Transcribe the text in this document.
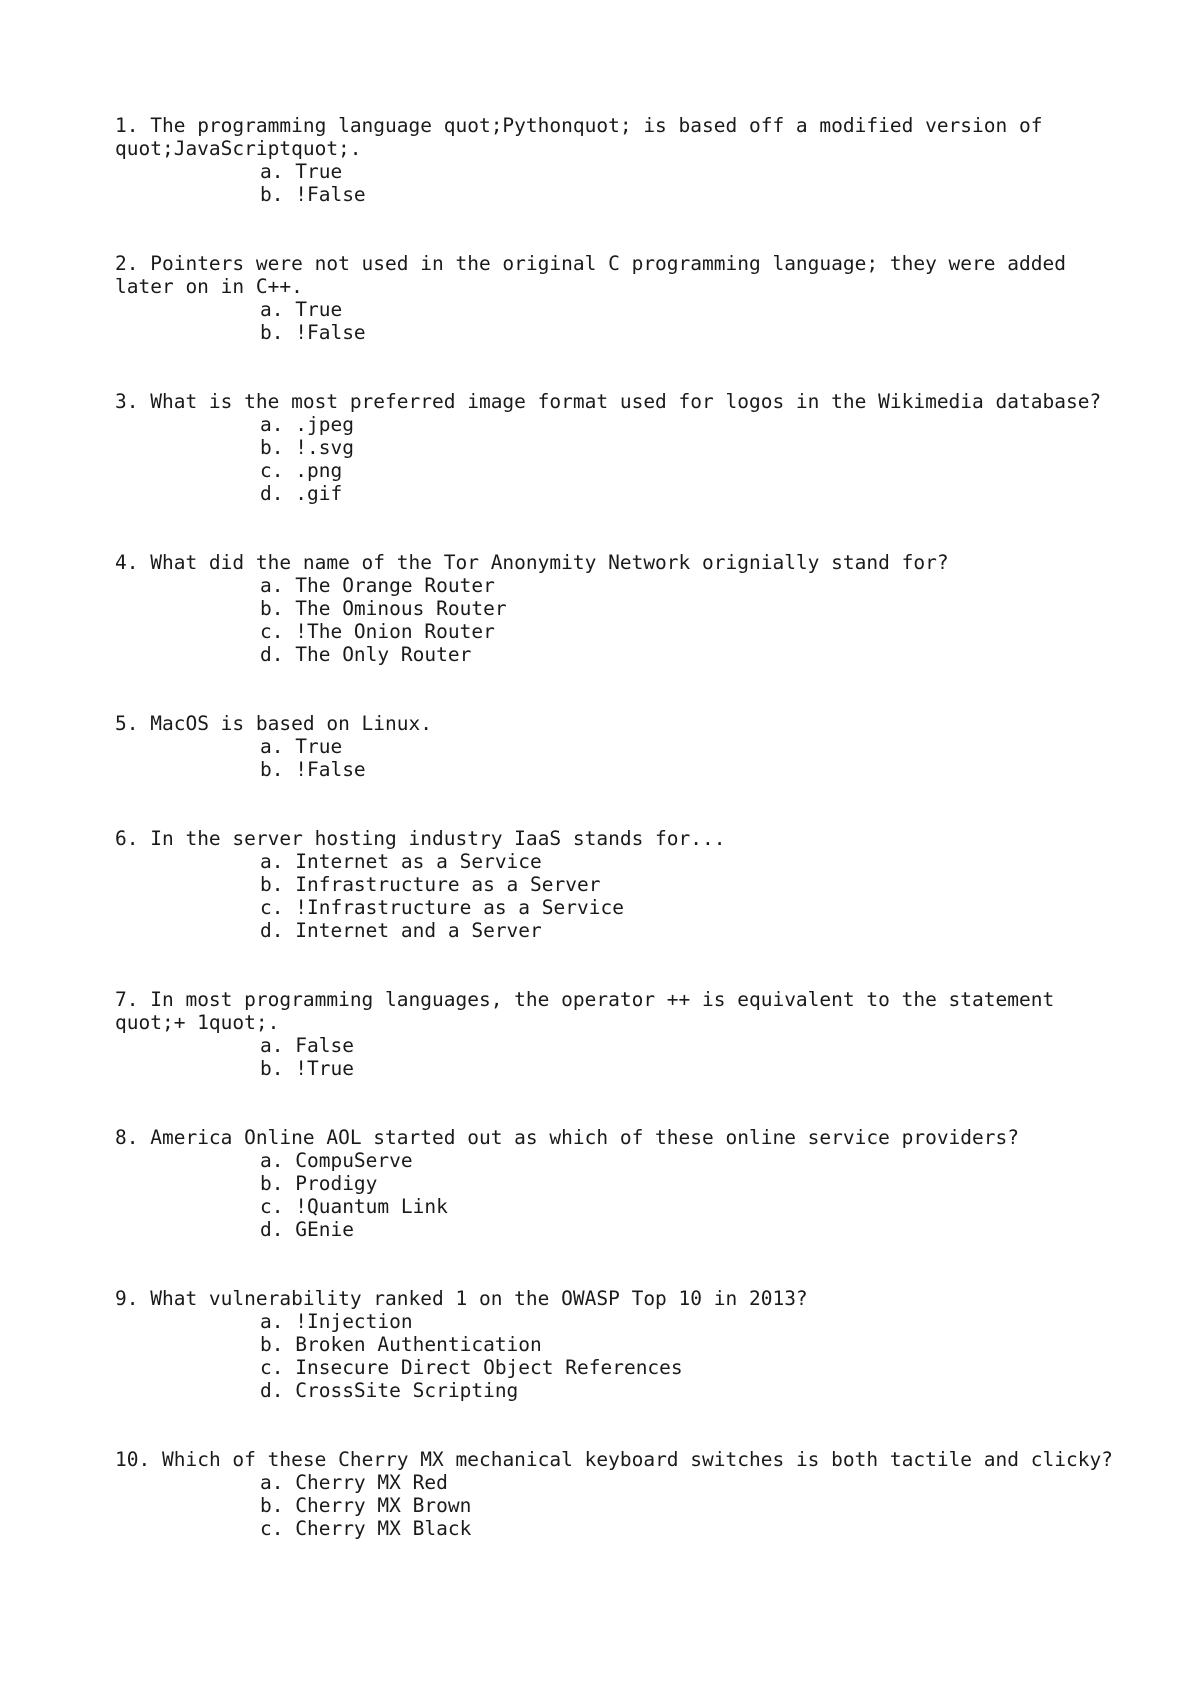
1. The programming language quot;Pythonquot; is based off a modified version of quot;JavaScriptquot;.
a. True
b. !False
2. Pointers were not used in the original C programming language; they were added later on in C++.
a. True
b. !False
3. What is the most preferred image format used for logos in the Wikimedia database?
a. .jpeg
b. !.svg
c. .png
d. .gif
4. What did the name of the Tor Anonymity Network orignially stand for?
a. The Orange Router
b. The Ominous Router
c. !The Onion Router
d. The Only Router
5. MacOS is based on Linux.
a. True
b. !False
6. In the server hosting industry IaaS stands for...
a. Internet as a Service
b. Infrastructure as a Server
c. !Infrastructure as a Service
d. Internet and a Server
7. In most programming languages, the operator ++ is equivalent to the statement quot;+ 1quot;.
a. False
b. !True
8. America Online AOL started out as which of these online service providers?
a. CompuServe
b. Prodigy
c. !Quantum Link
d. GEnie
9. What vulnerability ranked 1 on the OWASP Top 10 in 2013?
a. !Injection
b. Broken Authentication
c. Insecure Direct Object References
d. CrossSite Scripting
10. Which of these Cherry MX mechanical keyboard switches is both tactile and clicky?
a. Cherry MX Red
b. Cherry MX Brown
c. Cherry MX Black
